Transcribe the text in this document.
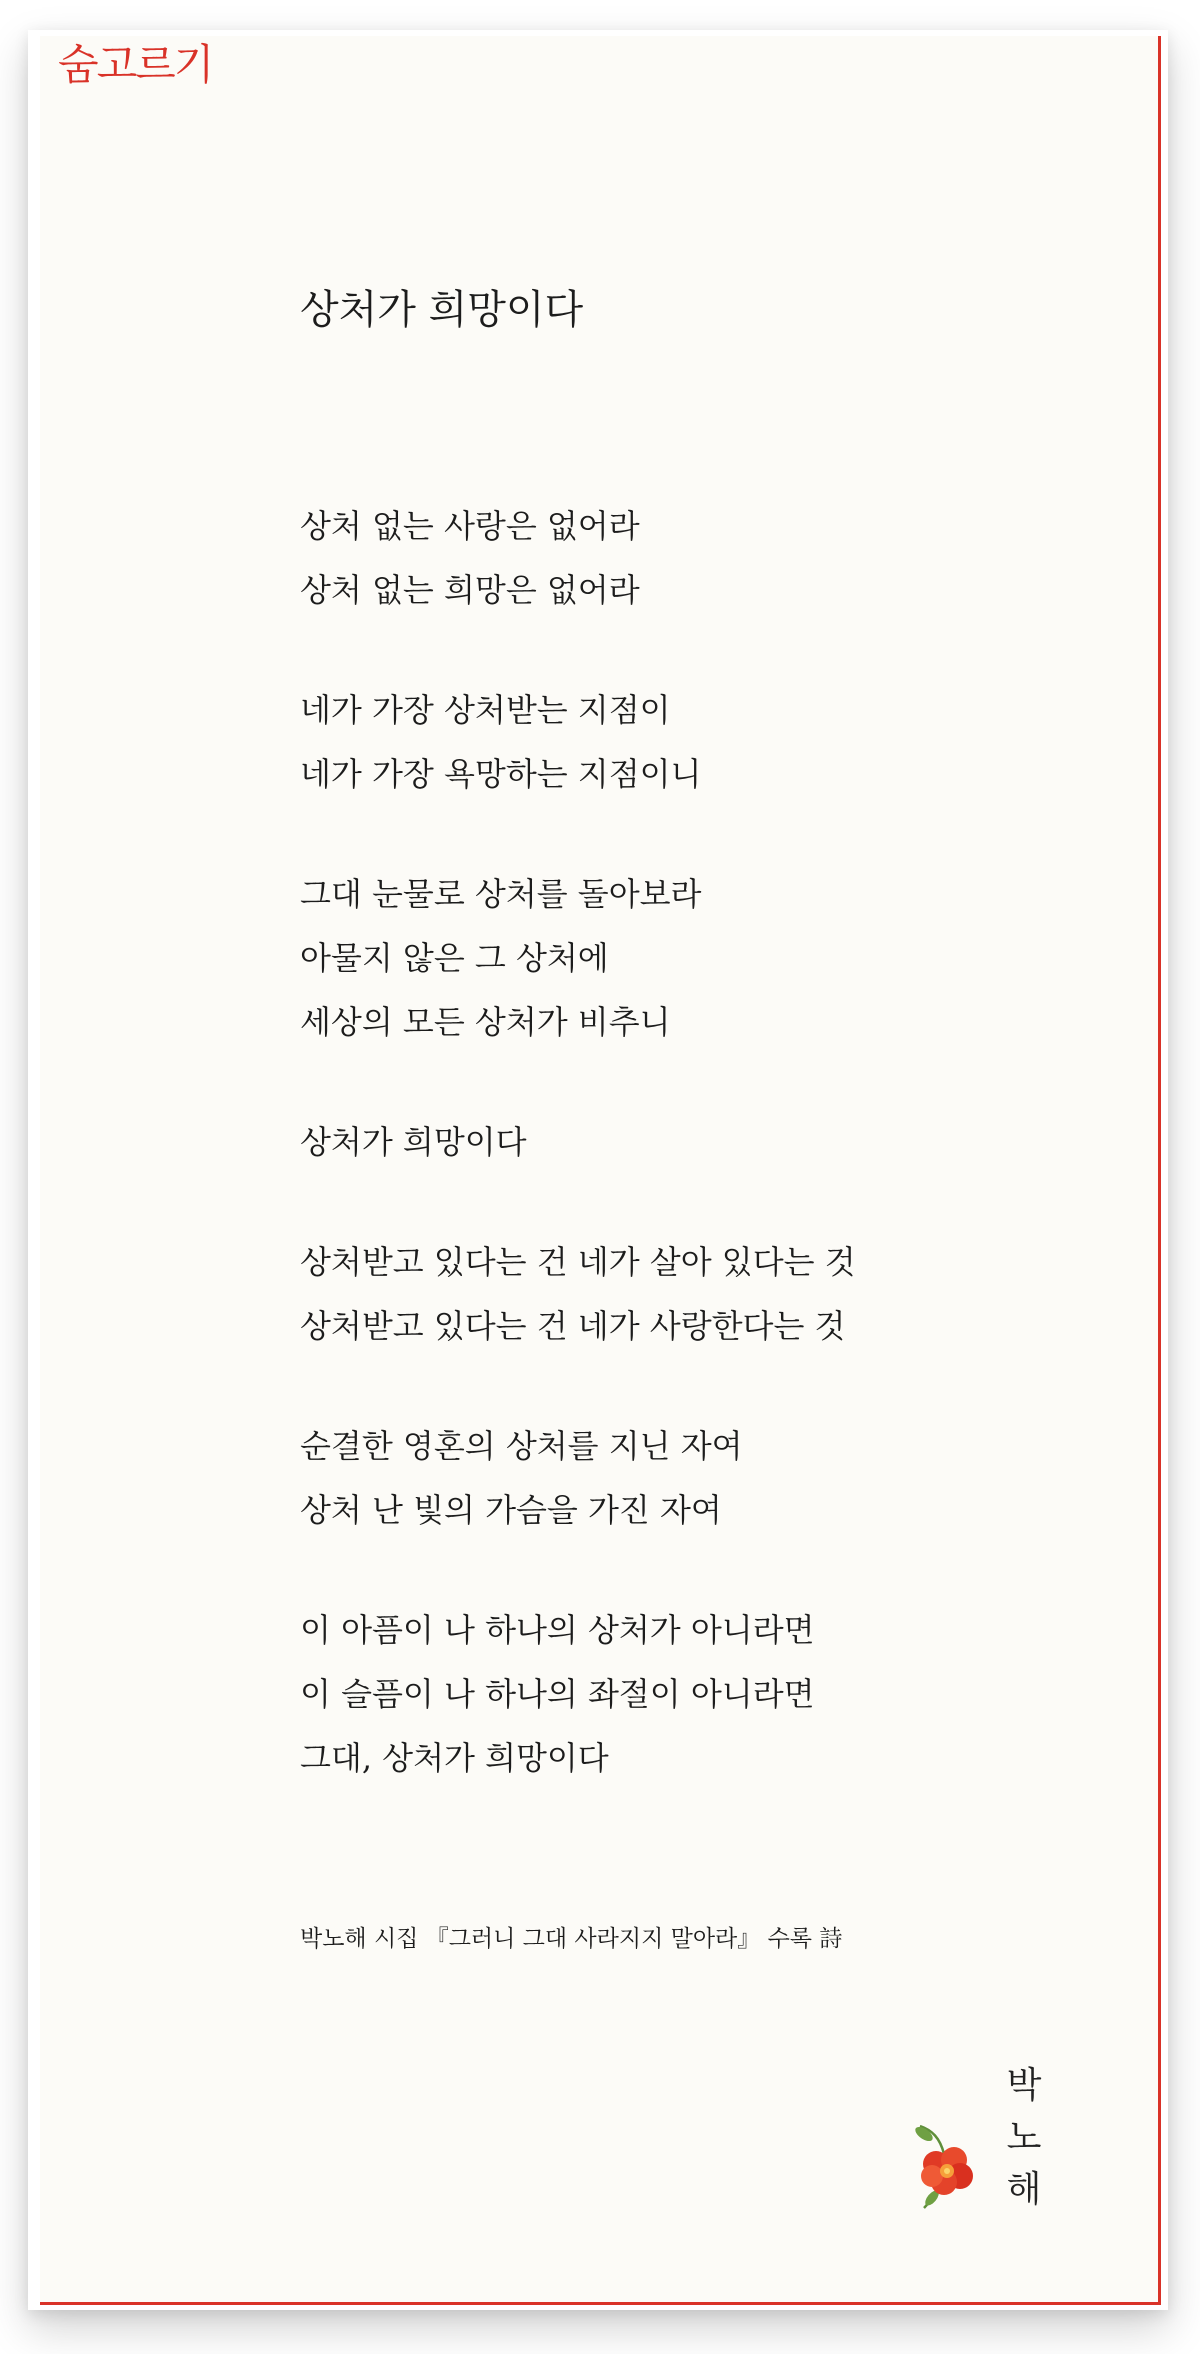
숨고르기
상처가 희망이다
상처 없는 사랑은 없어라
상처 없는 희망은 없어라
네가 가장 상처받는 지점이
네가 가장 욕망하는 지점이니
그대 눈물로 상처를 돌아보라
아물지 않은 그 상처에
세상의 모든 상처가 비추니
상처가 희망이다
상처받고 있다는 건 네가 살아 있다는 것
상처받고 있다는 건 네가 사랑한다는 것
순결한 영혼의 상처를 지닌 자여
상처 난 빛의 가슴을 가진 자여
이 아픔이 나 하나의 상처가 아니라면
이 슬픔이 나 하나의 좌절이 아니라면
그대, 상처가 희망이다
박노해 시집 『그러니 그대 사라지지 말아라』 수록 詩
박
노
해
